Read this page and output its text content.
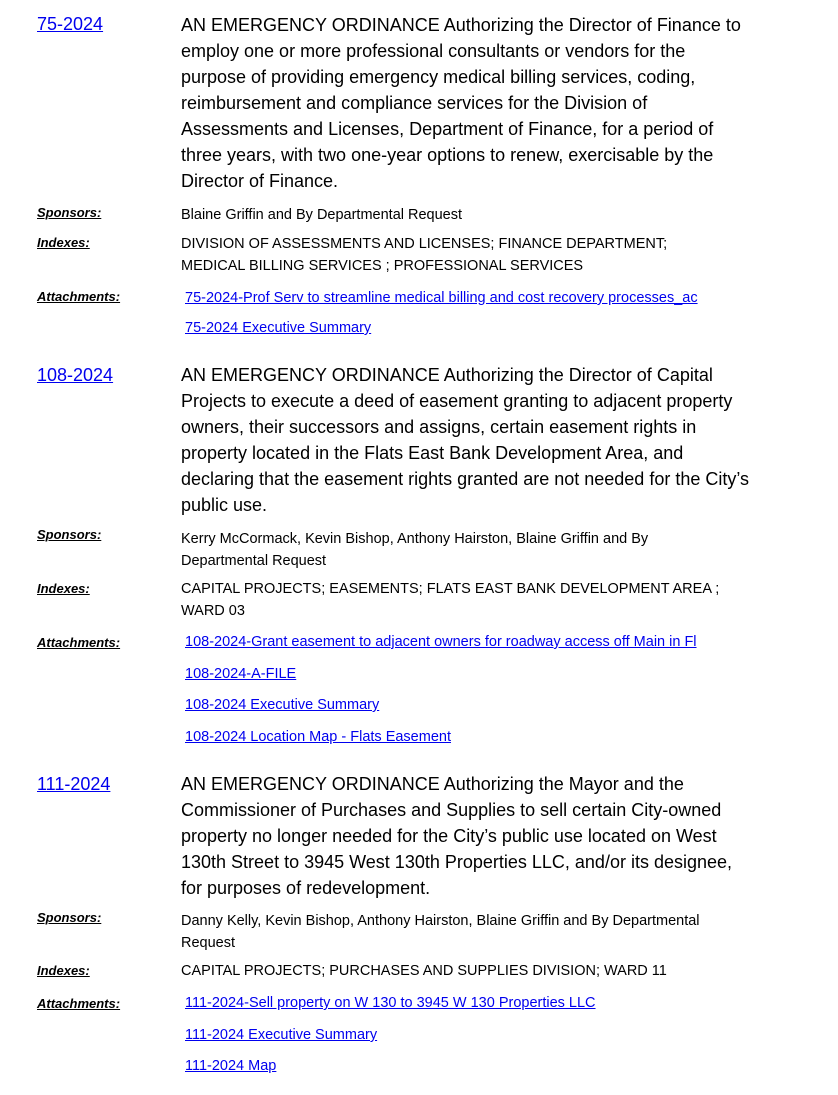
75-2024	AN EMERGENCY ORDINANCE Authorizing the Director of Finance to
employ one or more professional consultants or vendors for the
purpose of providing emergency medical billing services, coding,
reimbursement and compliance services for the Division of
Assessments and Licenses, Department of Finance, for a period of
three years, with two one-year options to renew, exercisable by the
Director of Finance.
Sponsors:	Blaine Griffin and By Departmental Request
Indexes:	DIVISION OF ASSESSMENTS AND LICENSES; FINANCE DEPARTMENT;
MEDICAL BILLING SERVICES ; PROFESSIONAL SERVICES
Attachments:	75-2024-Prof Serv to streamline medical billing and cost recovery processes_ac
75-2024 Executive Summary
108-2024	AN EMERGENCY ORDINANCE Authorizing the Director of Capital
Projects to execute a deed of easement granting to adjacent property
owners, their successors and assigns, certain easement rights in
property located in the Flats East Bank Development Area, and
declaring that the easement rights granted are not needed for the City’s
public use.
Sponsors:	Kerry McCormack, Kevin Bishop, Anthony Hairston, Blaine Griffin and By
Departmental Request
Indexes:	CAPITAL PROJECTS; EASEMENTS; FLATS EAST BANK DEVELOPMENT AREA ;
WARD 03
Attachments:	108-2024-Grant easement to adjacent owners for roadway access off Main in Fl
108-2024-A-FILE
108-2024 Executive Summary
108-2024 Location Map - Flats Easement
111-2024	AN EMERGENCY ORDINANCE Authorizing the Mayor and the
Commissioner of Purchases and Supplies to sell certain City-owned
property no longer needed for the City’s public use located on West
130th Street to 3945 West 130th Properties LLC, and/or its designee,
for purposes of redevelopment.
Sponsors:	Danny Kelly, Kevin Bishop, Anthony Hairston, Blaine Griffin and By Departmental
Request
Indexes:	CAPITAL PROJECTS; PURCHASES AND SUPPLIES DIVISION; WARD 11
Attachments:	111-2024-Sell property on W 130 to 3945 W 130 Properties LLC
111-2024 Executive Summary
111-2024 Map
